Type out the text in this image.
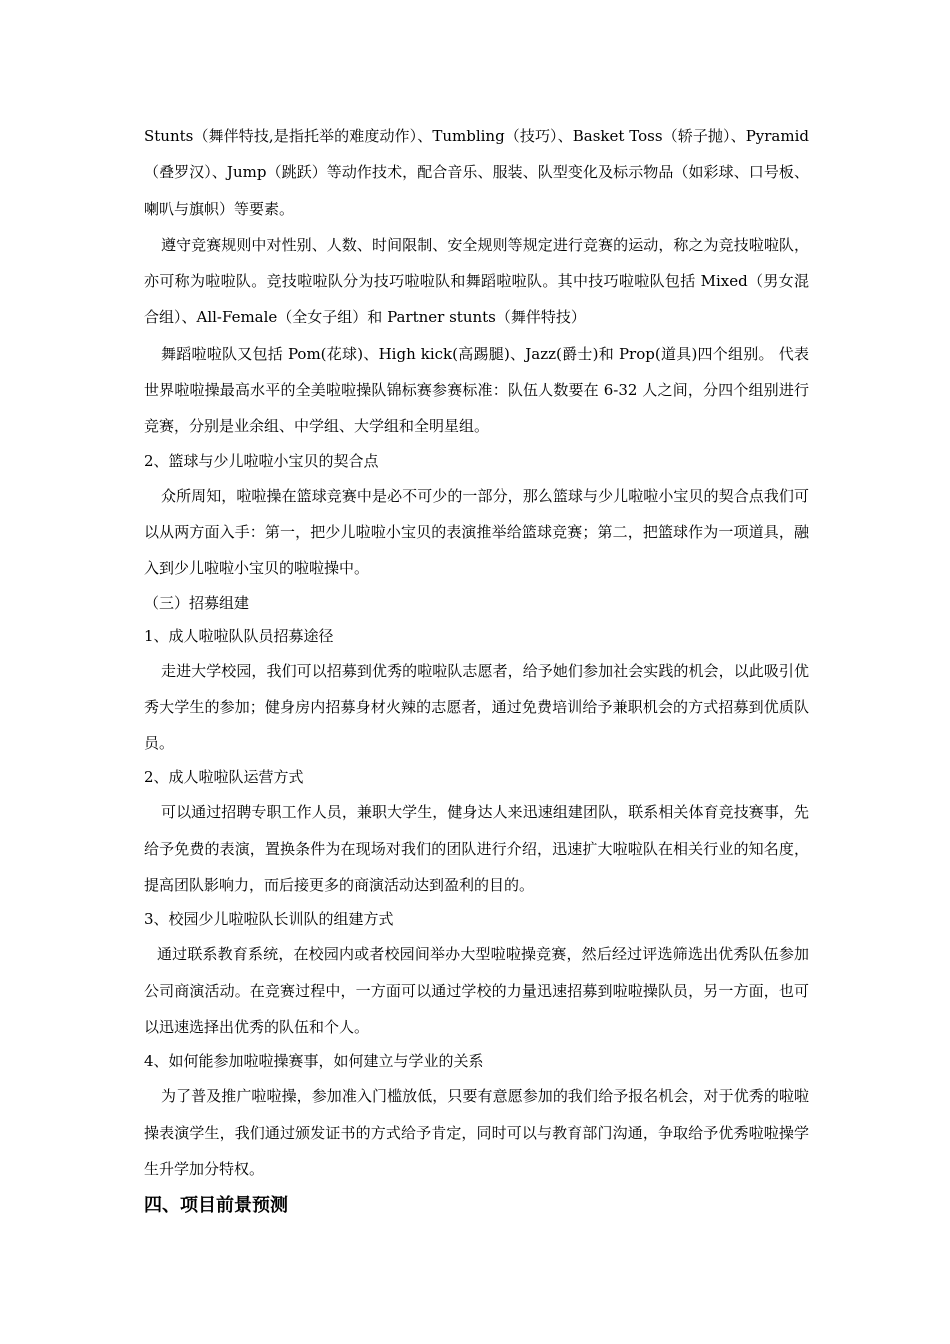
Stunts（舞伴特技,是指托举的难度动作）、Tumbling（技巧）、Basket Toss（轿子抛）、Pyramid（叠罗汉）、Jump（跳跃）等动作技术，配合音乐、服装、队型变化及标示物品（如彩球、口号板、喇叭与旗帜）等要素。

遵守竞赛规则中对性别、人数、时间限制、安全规则等规定进行竞赛的运动，称之为竞技啦啦队，亦可称为啦啦队。竞技啦啦队分为技巧啦啦队和舞蹈啦啦队。其中技巧啦啦队包括 Mixed（男女混合组）、All-Female（全女子组）和 Partner stunts（舞伴特技）

舞蹈啦啦队又包括 Pom(花球)、High kick(高踢腿)、Jazz(爵士)和 Prop(道具)四个组别。 代表世界啦啦操最高水平的全美啦啦操队锦标赛参赛标准：队伍人数要在 6-32 人之间，分四个组别进行竞赛，分别是业余组、中学组、大学组和全明星组。

2、篮球与少儿啦啦小宝贝的契合点

众所周知，啦啦操在篮球竞赛中是必不可少的一部分，那么篮球与少儿啦啦小宝贝的契合点我们可以从两方面入手：第一，把少儿啦啦小宝贝的表演推举给篮球竞赛；第二，把篮球作为一项道具，融入到少儿啦啦小宝贝的啦啦操中。

（三）招募组建

1、成人啦啦队队员招募途径

走进大学校园，我们可以招募到优秀的啦啦队志愿者，给予她们参加社会实践的机会，以此吸引优秀大学生的参加；健身房内招募身材火辣的志愿者，通过免费培训给予兼职机会的方式招募到优质队员。

2、成人啦啦队运营方式

可以通过招聘专职工作人员，兼职大学生，健身达人来迅速组建团队，联系相关体育竞技赛事，先给予免费的表演，置换条件为在现场对我们的团队进行介绍，迅速扩大啦啦队在相关行业的知名度，提高团队影响力，而后接更多的商演活动达到盈利的目的。

3、校园少儿啦啦队长训队的组建方式

通过联系教育系统，在校园内或者校园间举办大型啦啦操竞赛，然后经过评选筛选出优秀队伍参加公司商演活动。在竞赛过程中，一方面可以通过学校的力量迅速招募到啦啦操队员，另一方面，也可以迅速选择出优秀的队伍和个人。

4、如何能参加啦啦操赛事，如何建立与学业的关系

为了普及推广啦啦操，参加准入门槛放低，只要有意愿参加的我们给予报名机会，对于优秀的啦啦操表演学生，我们通过颁发证书的方式给予肯定，同时可以与教育部门沟通，争取给予优秀啦啦操学生升学加分特权。

四、项目前景预测
